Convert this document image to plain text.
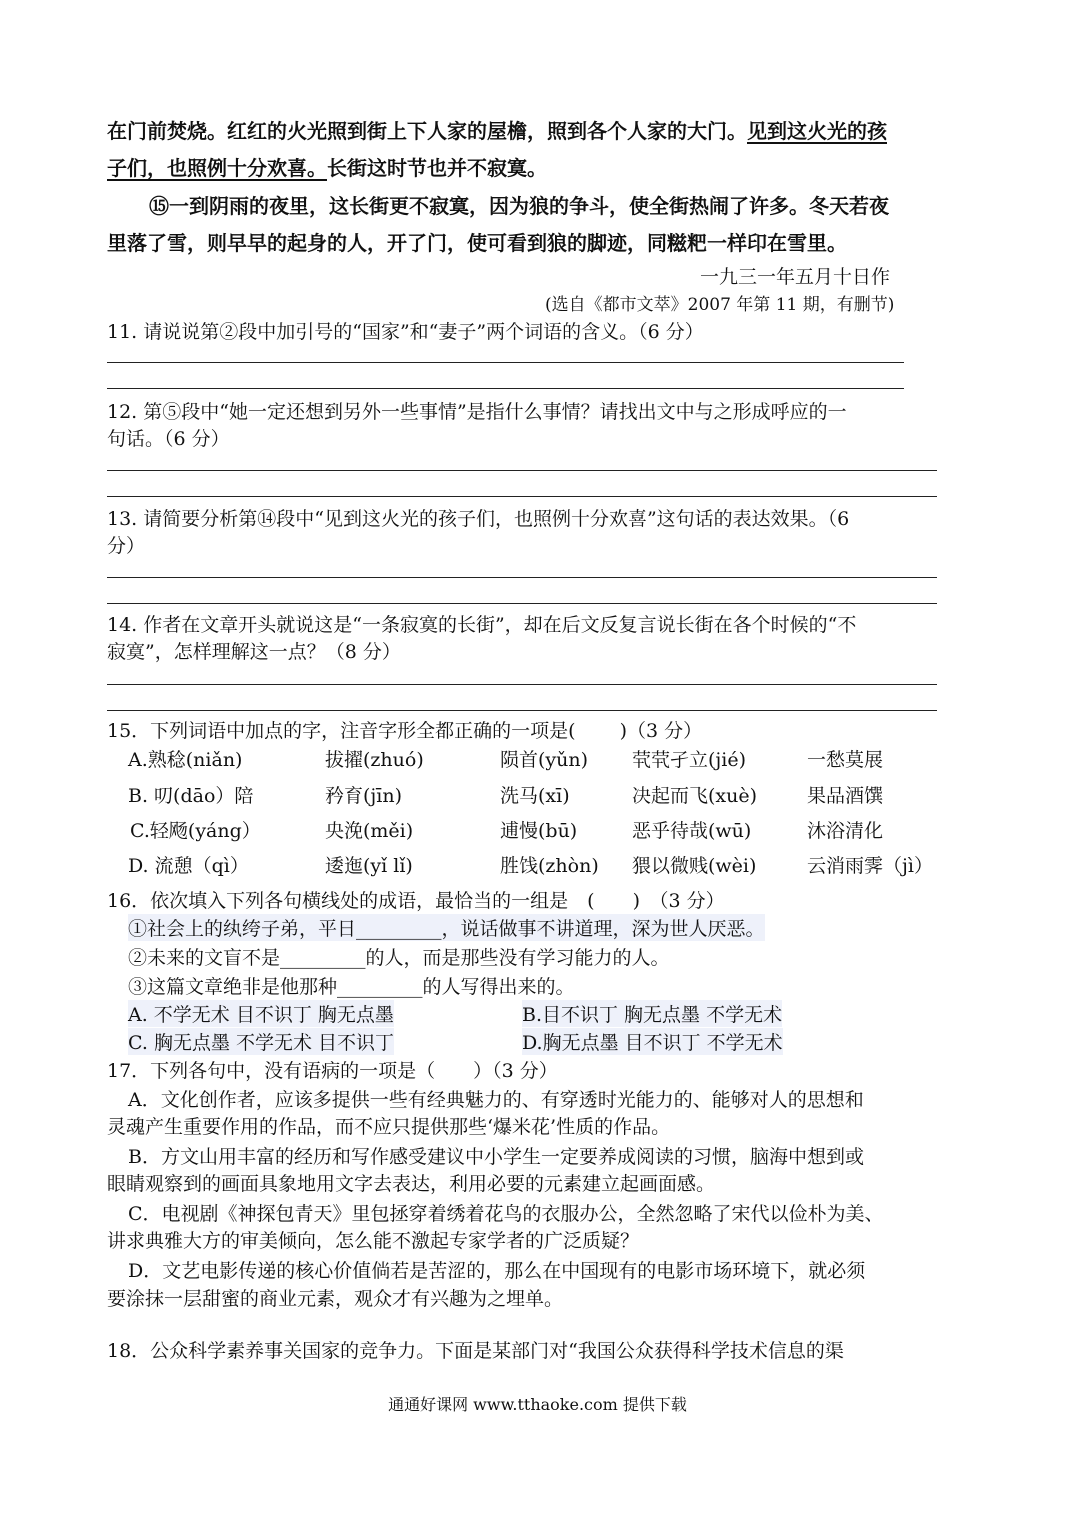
在门前焚烧。红红的火光照到街上下人家的屋檐，照到各个人家的大门。见到这火光的孩
子们，也照例十分欢喜。长街这时节也并不寂寞。
⑮一到阴雨的夜里，这长街更不寂寞，因为狼的争斗，使全街热闹了许多。冬天若夜
里落了雪，则早早的起身的人，开了门，使可看到狼的脚迹，同糍粑一样印在雪里。
一九三一年五月十日作
(选自《都市文萃》2007 年第 11 期，有删节)
11. 请说说第②段中加引号的“国家”和“妻子”两个词语的含义。（6 分）
12. 第⑤段中“她一定还想到另外一些事情”是指什么事情？请找出文中与之形成呼应的一
句话。（6 分）
13. 请简要分析第⑭段中“见到这火光的孩子们，也照例十分欢喜”这句话的表达效果。（6
分）
14. 作者在文章开头就说这是“一条寂寞的长街”，却在后文反复言说长街在各个时候的“不
寂寞”，怎样理解这一点？（8 分）
15．下列词语中加点的字，注音字形全都正确的一项是(　　 )（3 分）
A.熟稔(niǎn)	拔擢(zhuó)	陨首(yǔn) 茕茕孑立(jié)	一愁莫展
B. 叨(dāo）陪	矜育(jīn)	洗马(xī)	决起而飞(xuè)	果品酒馔
C.轻飏(yáng）	央浼(měi)	逋慢(bū)	恶乎待哉(wū)	沐浴清化
D. 流憩（qì）	逶迤(yǐ lǐ)	胜饯(zhòn) 猥以微贱(wèi)	云消雨霁（jì）
16．依次填入下列各句横线处的成语，最恰当的一组是　(　　)　（3 分）
①社会上的纨绔子弟，平日_________，说话做事不讲道理，深为世人厌恶。
②未来的文盲不是_________的人，而是那些没有学习能力的人。
③这篇文章绝非是他那种_________的人写得出来的。
A. 不学无术 目不识丁 胸无点墨	B.目不识丁 胸无点墨 不学无术
C. 胸无点墨 不学无术 目不识丁	D.胸无点墨 目不识丁 不学无术
17．下列各句中，没有语病的一项是（　　）（3 分）
A．文化创作者，应该多提供一些有经典魅力的、有穿透时光能力的、能够对人的思想和
灵魂产生重要作用的作品，而不应只提供那些‘爆米花’性质的作品。
B．方文山用丰富的经历和写作感受建议中小学生一定要养成阅读的习惯，脑海中想到或
眼睛观察到的画面具象地用文字去表达，利用必要的元素建立起画面感。
C．电视剧《神探包青天》里包拯穿着绣着花鸟的衣服办公，全然忽略了宋代以俭朴为美、
讲求典雅大方的审美倾向，怎么能不激起专家学者的广泛质疑？
D．文艺电影传递的核心价值倘若是苦涩的，那么在中国现有的电影市场环境下，就必须
要涂抹一层甜蜜的商业元素，观众才有兴趣为之埋单。
18．公众科学素养事关国家的竞争力。下面是某部门对“我国公众获得科学技术信息的渠
通通好课网 www.tthaoke.com 提供下载
